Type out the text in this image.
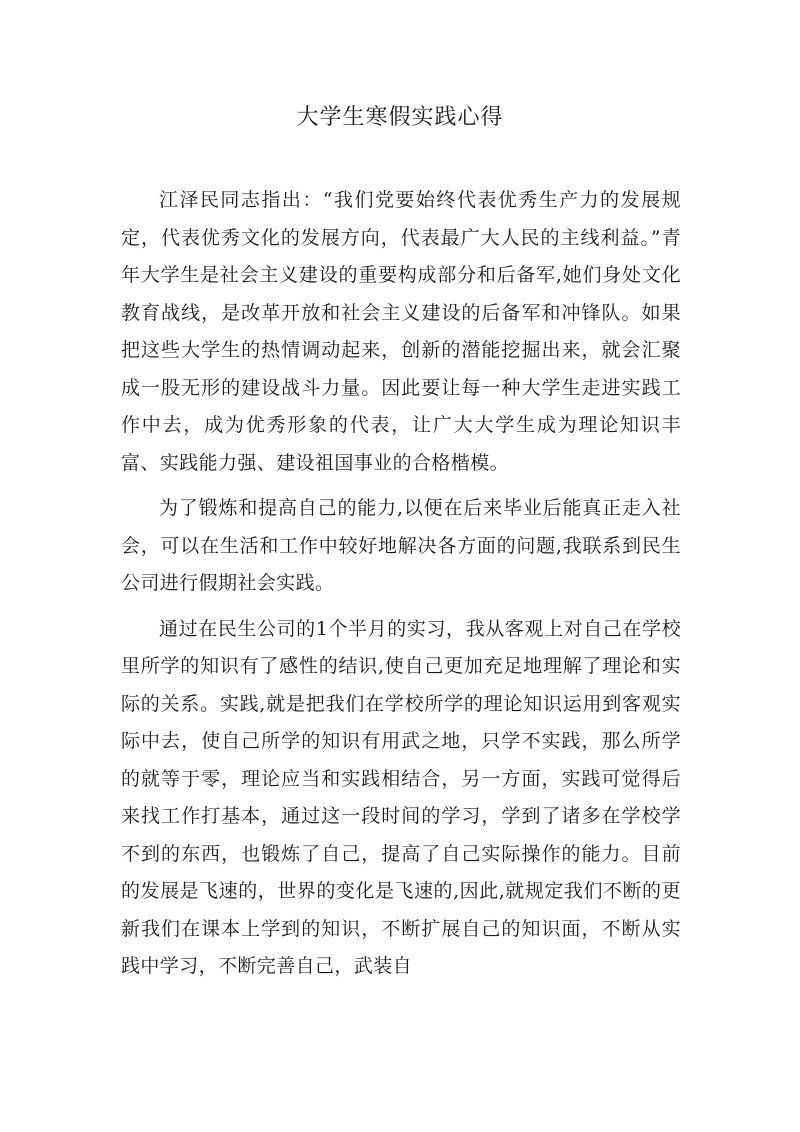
大学生寒假实践心得

江泽民同志指出：“我们党要始终代表优秀生产力的发展规定，代表优秀文化的发展方向，代表最广大人民的主线利益。”青年大学生是社会主义建设的重要构成部分和后备军,她们身处文化教育战线，是改革开放和社会主义建设的后备军和冲锋队。如果把这些大学生的热情调动起来，创新的潜能挖掘出来，就会汇聚成一股无形的建设战斗力量。因此要让每一种大学生走进实践工作中去，成为优秀形象的代表，让广大大学生成为理论知识丰富、实践能力强、建设祖国事业的合格楷模。

为了锻炼和提高自己的能力,以便在后来毕业后能真正走入社会，可以在生活和工作中较好地解决各方面的问题,我联系到民生公司进行假期社会实践。

通过在民生公司的1个半月的实习，我从客观上对自己在学校里所学的知识有了感性的结识,使自己更加充足地理解了理论和实际的关系。实践,就是把我们在学校所学的理论知识运用到客观实际中去，使自己所学的知识有用武之地，只学不实践，那么所学的就等于零，理论应当和实践相结合，另一方面，实践可觉得后来找工作打基本，通过这一段时间的学习，学到了诸多在学校学不到的东西，也锻炼了自己，提高了自己实际操作的能力。目前的发展是飞速的，世界的变化是飞速的,因此,就规定我们不断的更新我们在课本上学到的知识，不断扩展自己的知识面，不断从实践中学习，不断完善自己，武装自
